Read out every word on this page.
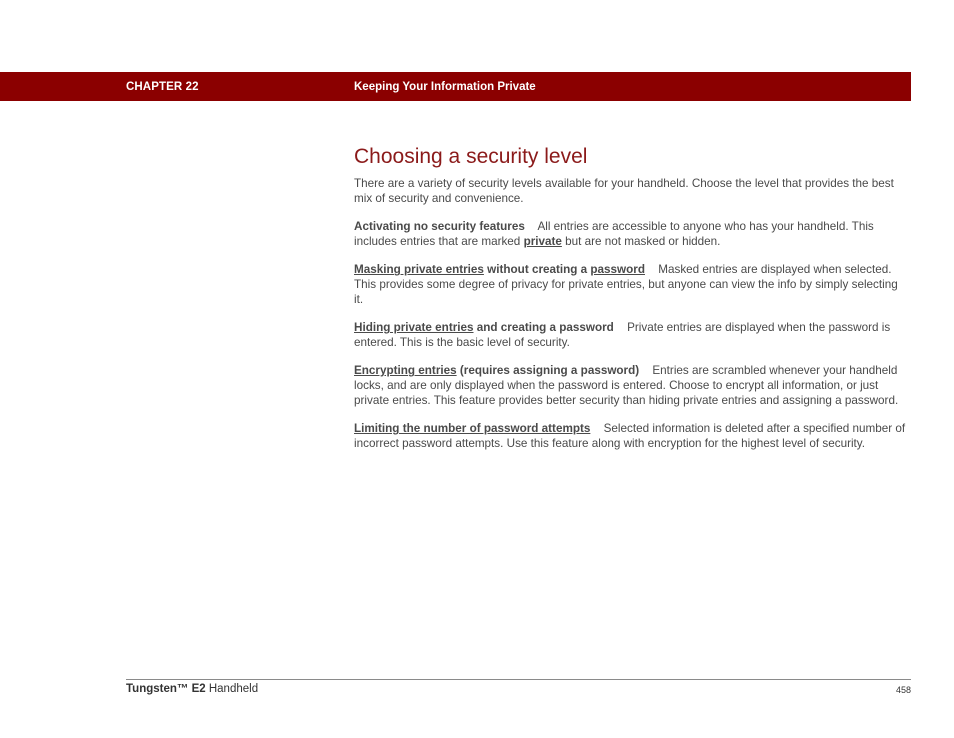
CHAPTER 22	Keeping Your Information Private
Choosing a security level

There are a variety of security levels available for your handheld. Choose the level that provides the best mix of security and convenience.

Activating no security features All entries are accessible to anyone who has your handheld. This includes entries that are marked private but are not masked or hidden.

Masking private entries without creating a password Masked entries are displayed when selected. This provides some degree of privacy for private entries, but anyone can view the info by simply selecting it.

Hiding private entries and creating a password Private entries are displayed when the password is entered. This is the basic level of security.

Encrypting entries (requires assigning a password) Entries are scrambled whenever your handheld locks, and are only displayed when the password is entered. Choose to encrypt all information, or just private entries. This feature provides better security than hiding private entries and assigning a password.

Limiting the number of password attempts Selected information is deleted after a specified number of incorrect password attempts. Use this feature along with encryption for the highest level of security.

Tungsten™ E2 Handheld	458
